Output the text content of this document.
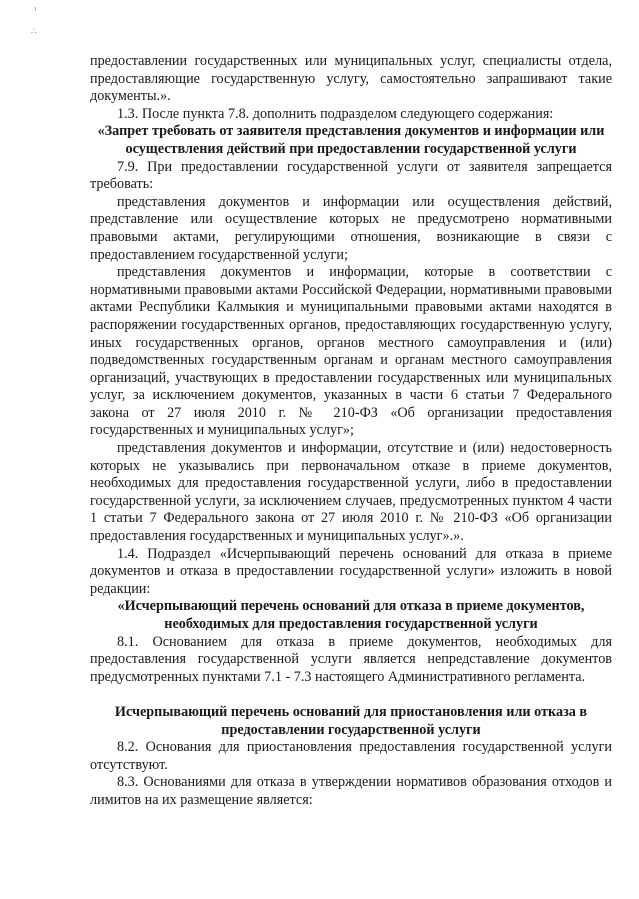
¹
∴

предоставлении государственных или муниципальных услуг, специалисты отдела, предоставляющие государственную услугу, самостоятельно запрашивают такие документы.».

1.3. После пункта 7.8. дополнить подразделом следующего содержания:

«Запрет требовать от заявителя представления документов и информации или осуществления действий при предоставлении государственной услуги

7.9. При предоставлении государственной услуги от заявителя запрещается требовать:

представления документов и информации или осуществления действий, представление или осуществление которых не предусмотрено нормативными правовыми актами, регулирующими отношения, возникающие в связи с предоставлением государственной услуги;

представления документов и информации, которые в соответствии с нормативными правовыми актами Российской Федерации, нормативными правовыми актами Республики Калмыкия и муниципальными правовыми актами находятся в распоряжении государственных органов, предоставляющих государственную услугу, иных государственных органов, органов местного самоуправления и (или) подведомственных государственным органам и органам местного самоуправления организаций, участвующих в предоставлении государственных или муниципальных услуг, за исключением документов, указанных в части 6 статьи 7 Федерального закона от 27 июля 2010 г. № 210-ФЗ «Об организации предоставления государственных и муниципальных услуг»;

представления документов и информации, отсутствие и (или) недостоверность которых не указывались при первоначальном отказе в приеме документов, необходимых для предоставления государственной услуги, либо в предоставлении государственной услуги, за исключением случаев, предусмотренных пунктом 4 части 1 статьи 7 Федерального закона от 27 июля 2010 г. № 210-ФЗ «Об организации предоставления государственных и муниципальных услуг».».

1.4. Подраздел «Исчерпывающий перечень оснований для отказа в приеме документов и отказа в предоставлении государственной услуги» изложить в новой редакции:

«Исчерпывающий перечень оснований для отказа в приеме документов, необходимых для предоставления государственной услуги

8.1. Основанием для отказа в приеме документов, необходимых для предоставления государственной услуги является непредставление документов предусмотренных пунктами 7.1 - 7.3 настоящего Административного регламента.

Исчерпывающий перечень оснований для приостановления или отказа в предоставлении государственной услуги

8.2. Основания для приостановления предоставления государственной услуги отсутствуют.

8.3. Основаниями для отказа в утверждении нормативов образования отходов и лимитов на их размещение является:
